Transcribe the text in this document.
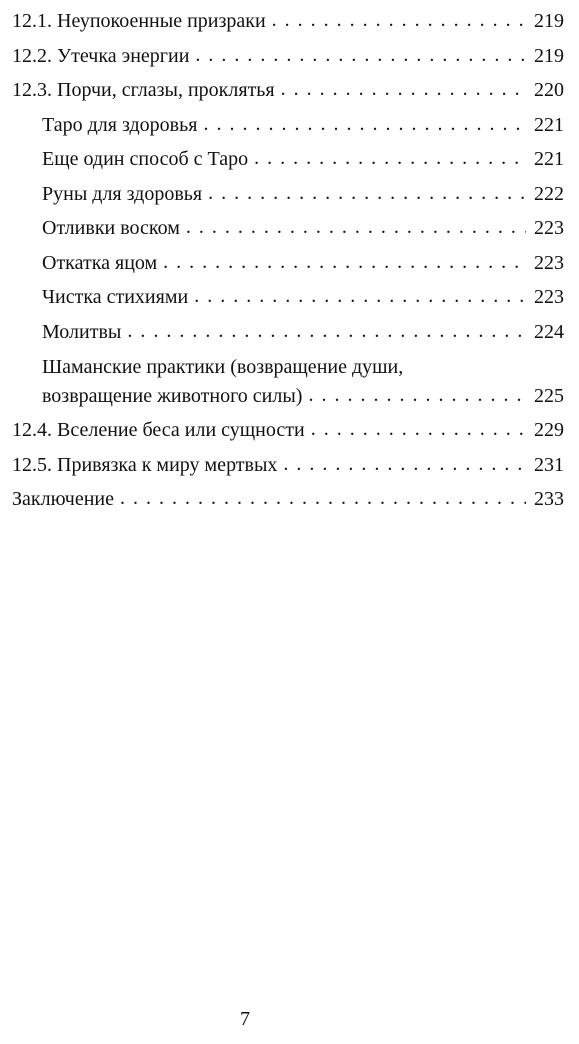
12.1. Неупокоенные призраки . . .	219
12.2. Утечка энергии . . .	219
12.3. Порчи, сглазы, проклятья . . .	220
Таро для здоровья . . .	221
Еще один способ с Таро . . .	221
Руны для здоровья . . .	222
Отливки воском . . .	223
Откатка яцом . . .	223
Чистка стихиями . . .	223
Молитвы . . .	224
Шаманские практики (возвращение души,
возвращение животного силы) . . .	225
12.4. Вселение беса или сущности . . .	229
12.5. Привязка к миру мертвых . . .	231
Заключение . . .	233
7
